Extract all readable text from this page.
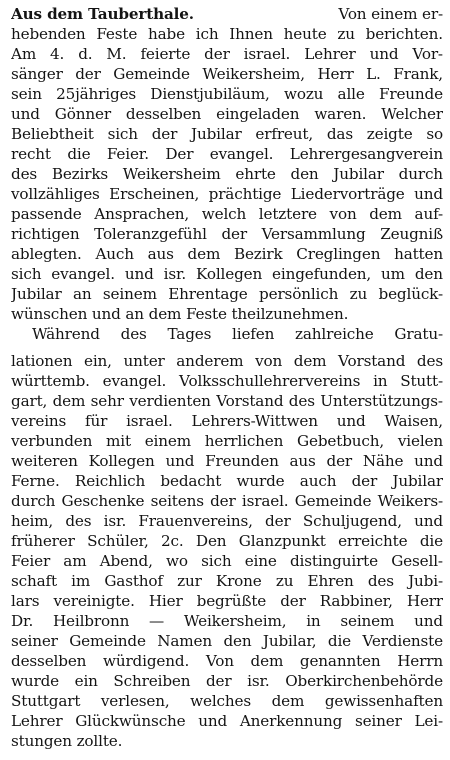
Aus dem Tauberthale.	Von einem er-
hebenden Feste habe ich Ihnen heute zu berichten.
Am 4. d. M. feierte der israel. Lehrer und Vor-
sänger der Gemeinde Weikersheim, Herr L. Frank,
sein 25jähriges Dienstjubiläum, wozu alle Freunde
und Gönner desselben eingeladen waren. Welcher
Beliebtheit sich der Jubilar erfreut, das zeigte so
recht die Feier. Der evangel. Lehrergesangverein
des Bezirks Weikersheim ehrte den Jubilar durch
vollzähliges Erscheinen, prächtige Liedervorträge und
passende Ansprachen, welch letztere von dem auf-
richtigen Toleranzgefühl der Versammlung Zeugniß
ablegten. Auch aus dem Bezirk Creglingen hatten
sich evangel. und isr. Kollegen eingefunden, um den
Jubilar an seinem Ehrentage persönlich zu beglück-
wünschen und an dem Feste theilzunehmen.
Während des Tages liefen zahlreiche Gratu-
lationen ein, unter anderem von dem Vorstand des
württemb. evangel. Volksschullehrervereins in Stutt-
gart, dem sehr verdienten Vorstand des Unterstützungs-
vereins für israel. Lehrers-Wittwen und Waisen,
verbunden mit einem herrlichen Gebetbuch, vielen
weiteren Kollegen und Freunden aus der Nähe und
Ferne. Reichlich bedacht wurde auch der Jubilar
durch Geschenke seitens der israel. Gemeinde Weikers-
heim, des isr. Frauenvereins, der Schuljugend, und
früherer Schüler, 2c. Den Glanzpunkt erreichte die
Feier am Abend, wo sich eine distinguirte Gesell-
schaft im Gasthof zur Krone zu Ehren des Jubi-
lars vereinigte. Hier begrüßte der Rabbiner, Herr
Dr. Heilbronn — Weikersheim, in seinem und
seiner Gemeinde Namen den Jubilar, die Verdienste
desselben würdigend. Von dem genannten Herrn
wurde ein Schreiben der isr. Oberkirchenbehörde
Stuttgart verlesen, welches dem gewissenhaften
Lehrer Glückwünsche und Anerkennung seiner Lei-
stungen zollte.
